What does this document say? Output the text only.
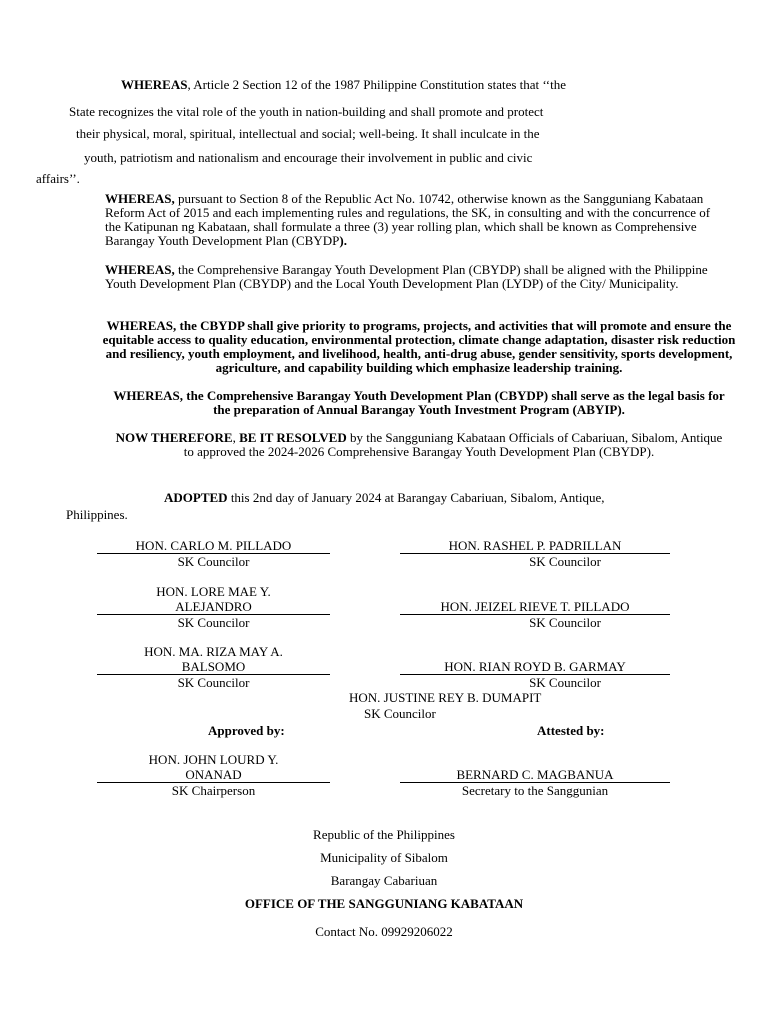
WHEREAS, Article 2 Section 12 of the 1987 Philippine Constitution states that ‘‘the
State recognizes the vital role of the youth in nation-building and shall promote and protect
their physical, moral, spiritual, intellectual and social; well-being. It shall inculcate in the
youth, patriotism and nationalism and encourage their involvement in public and civic
affairs’’.
WHEREAS, pursuant to Section 8 of the Republic Act No. 10742, otherwise known as the Sangguniang Kabataan Reform Act of 2015 and each implementing rules and regulations, the SK, in consulting and with the concurrence of the Katipunan ng Kabataan, shall formulate a three (3) year rolling plan, which shall be known as Comprehensive Barangay Youth Development Plan (CBYDP).
WHEREAS, the Comprehensive Barangay Youth Development Plan (CBYDP) shall be aligned with the Philippine Youth Development Plan (CBYDP) and the Local Youth Development Plan (LYDP) of the City/ Municipality.
WHEREAS, the CBYDP shall give priority to programs, projects, and activities that will promote and ensure the equitable access to quality education, environmental protection, climate change adaptation, disaster risk reduction and resiliency, youth employment, and livelihood, health, anti-drug abuse, gender sensitivity, sports development, agriculture, and capability building which emphasize leadership training.
WHEREAS, the Comprehensive Barangay Youth Development Plan (CBYDP) shall serve as the legal basis for the preparation of Annual Barangay Youth Investment Program (ABYIP).
NOW THEREFORE, BE IT RESOLVED by the Sangguniang Kabataan Officials of Cabariuan, Sibalom, Antique to approved the 2024-2026 Comprehensive Barangay Youth Development Plan (CBYDP).
ADOPTED this 2nd day of January 2024 at Barangay Cabariuan, Sibalom, Antique,
Philippines.
HON. CARLO M. PILLADO
SK Councilor
HON. RASHEL P. PADRILLAN
SK Councilor
HON. LORE MAE Y.
ALEJANDRO
SK Councilor
HON. JEIZEL RIEVE T. PILLADO
SK Councilor
HON. MA. RIZA MAY A.
BALSOMO
SK Councilor
HON. RIAN ROYD B. GARMAY
SK Councilor
HON. JUSTINE REY B. DUMAPIT
SK Councilor
Approved by:	Attested by:
HON. JOHN LOURD Y.
ONANAD
SK Chairperson
BERNARD C. MAGBANUA
Secretary to the Sanggunian
Republic of the Philippines
Municipality of Sibalom
Barangay Cabariuan
OFFICE OF THE SANGGUNIANG KABATAAN
Contact No. 09929206022
